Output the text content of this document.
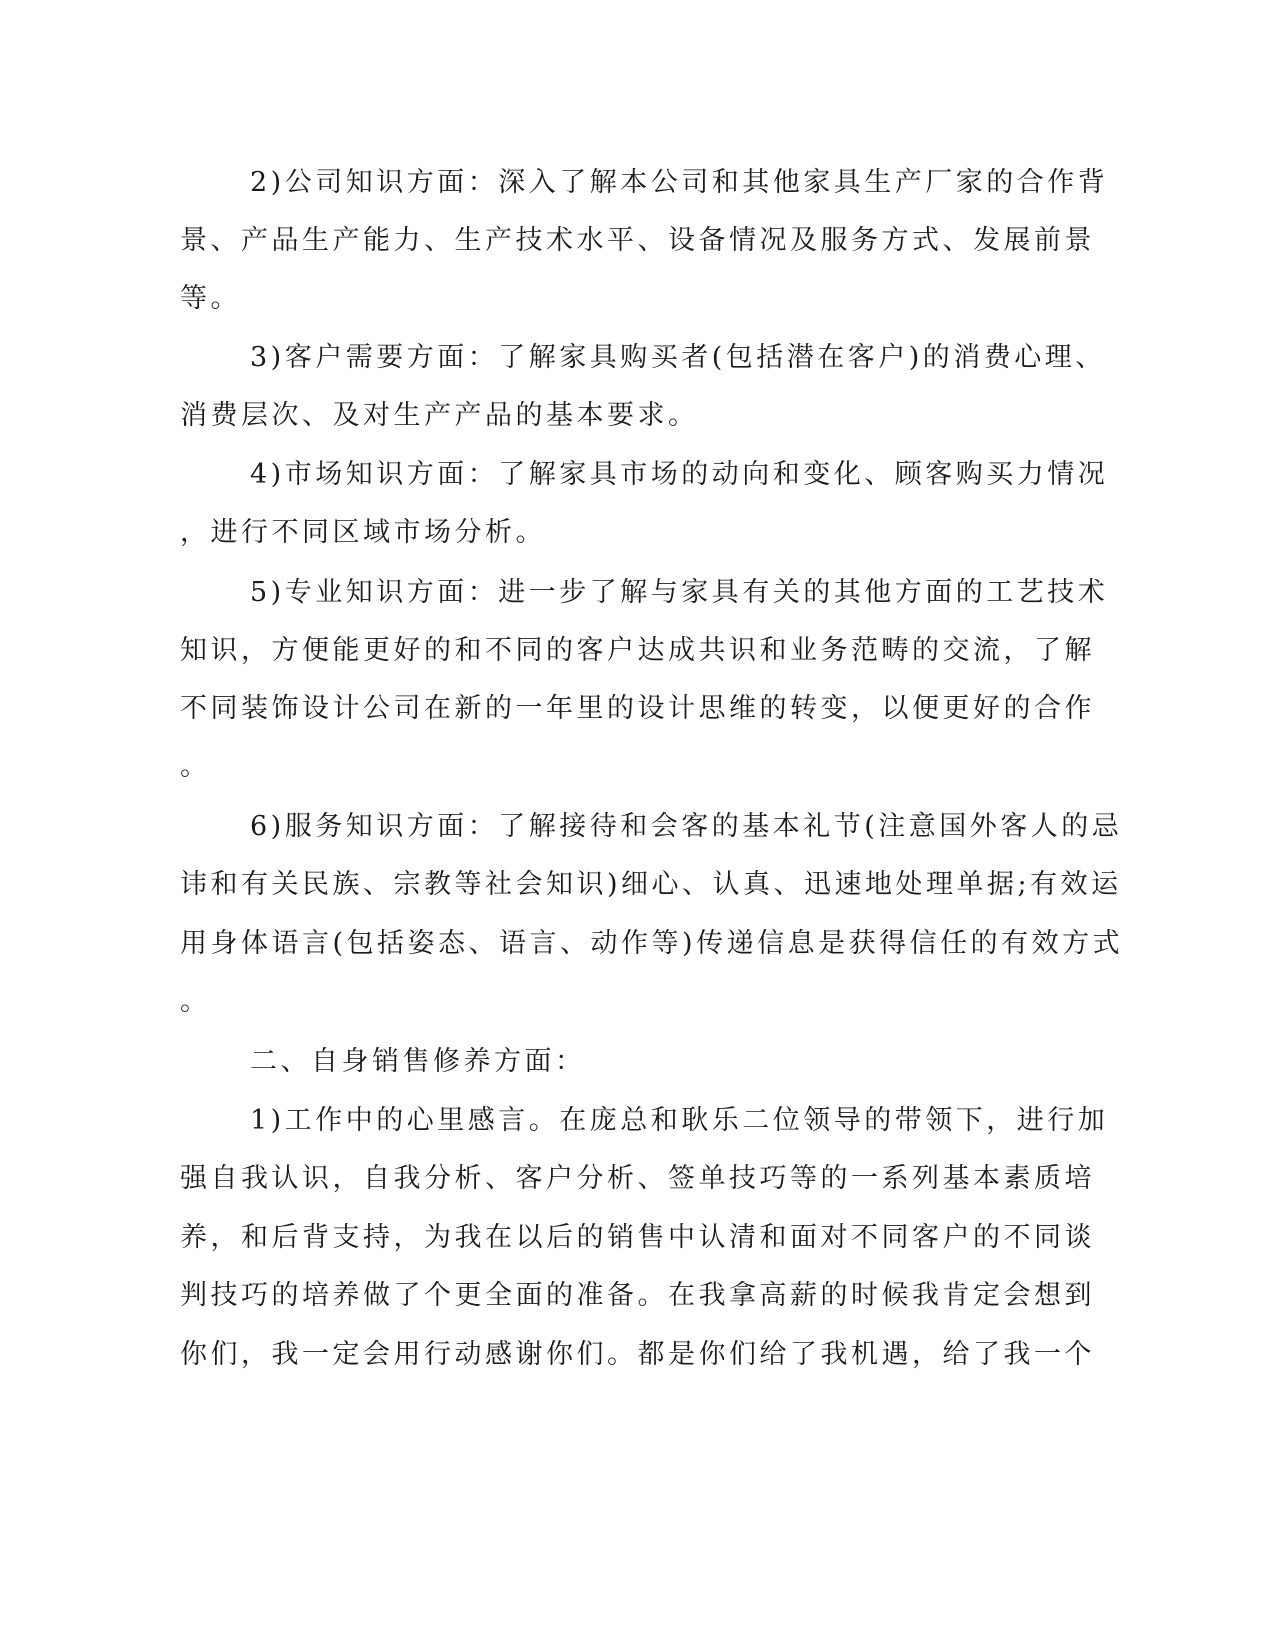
2)公司知识方面：深入了解本公司和其他家具生产厂家的合作背
景、产品生产能力、生产技术水平、设备情况及服务方式、发展前景
等。
3)客户需要方面：了解家具购买者(包括潜在客户)的消费心理、
消费层次、及对生产产品的基本要求。
4)市场知识方面：了解家具市场的动向和变化、顾客购买力情况
，进行不同区域市场分析。
5)专业知识方面：进一步了解与家具有关的其他方面的工艺技术
知识，方便能更好的和不同的客户达成共识和业务范畴的交流，了解
不同装饰设计公司在新的一年里的设计思维的转变，以便更好的合作
。
6)服务知识方面：了解接待和会客的基本礼节(注意国外客人的忌
讳和有关民族、宗教等社会知识)细心、认真、迅速地处理单据;有效运
用身体语言(包括姿态、语言、动作等)传递信息是获得信任的有效方式
。
二、自身销售修养方面：
1)工作中的心里感言。在庞总和耿乐二位领导的带领下，进行加
强自我认识，自我分析、客户分析、签单技巧等的一系列基本素质培
养，和后背支持，为我在以后的销售中认清和面对不同客户的不同谈
判技巧的培养做了个更全面的准备。在我拿高薪的时候我肯定会想到
你们，我一定会用行动感谢你们。都是你们给了我机遇，给了我一个
